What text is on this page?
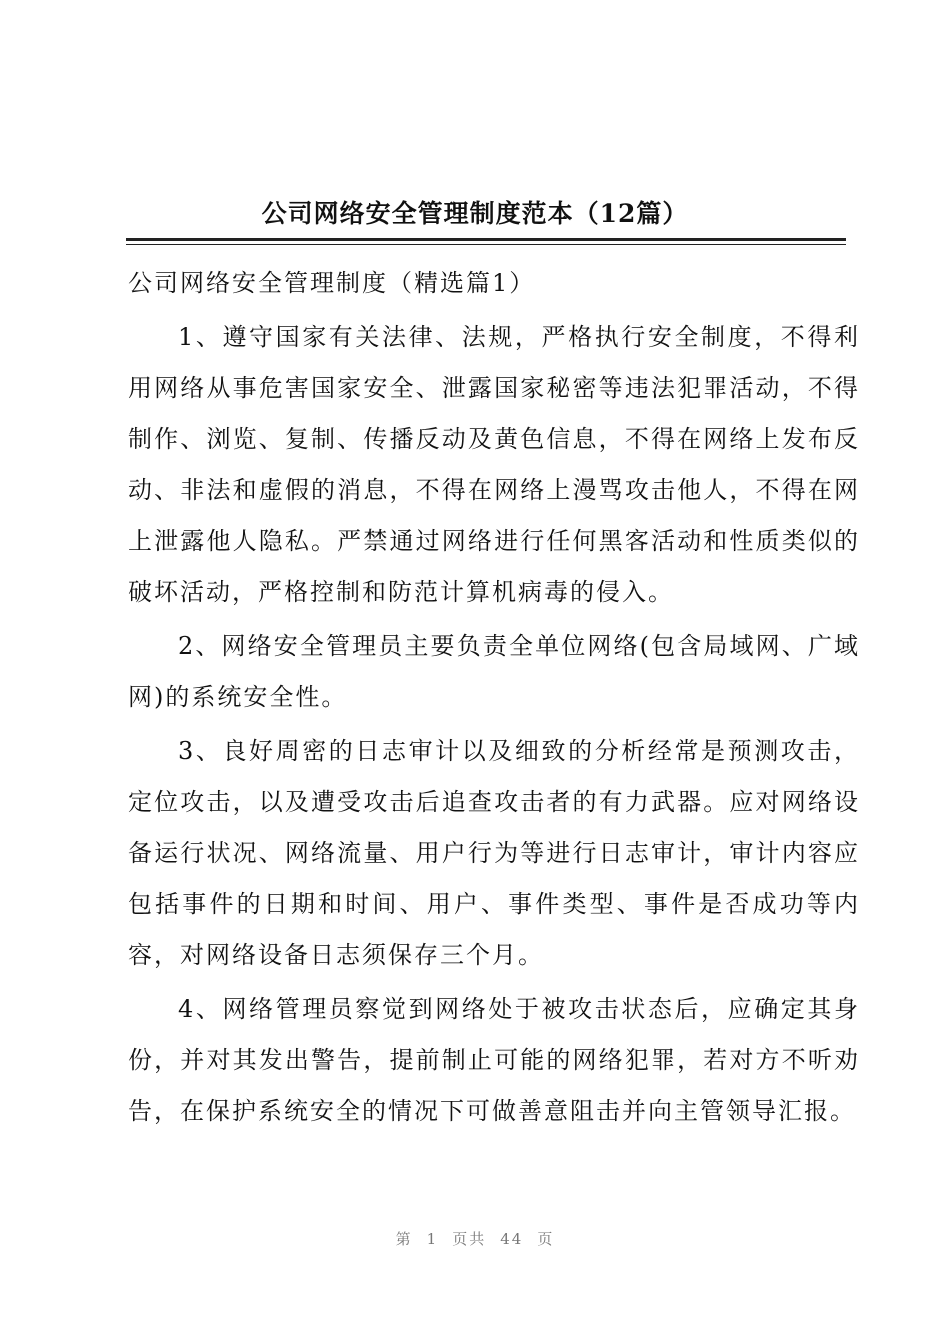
公司网络安全管理制度范本（12篇）
公司网络安全管理制度（精选篇1）

1、遵守国家有关法律、法规，严格执行安全制度，不得利用网络从事危害国家安全、泄露国家秘密等违法犯罪活动，不得制作、浏览、复制、传播反动及黄色信息，不得在网络上发布反动、非法和虚假的消息，不得在网络上漫骂攻击他人，不得在网上泄露他人隐私。严禁通过网络进行任何黑客活动和性质类似的破坏活动，严格控制和防范计算机病毒的侵入。

2、网络安全管理员主要负责全单位网络(包含局域网、广域网)的系统安全性。

3、良好周密的日志审计以及细致的分析经常是预测攻击，定位攻击，以及遭受攻击后追查攻击者的有力武器。应对网络设备运行状况、网络流量、用户行为等进行日志审计，审计内容应包括事件的日期和时间、用户、事件类型、事件是否成功等内容，对网络设备日志须保存三个月。

4、网络管理员察觉到网络处于被攻击状态后，应确定其身份，并对其发出警告，提前制止可能的网络犯罪，若对方不听劝告，在保护系统安全的情况下可做善意阻击并向主管领导汇报。

第 1 页共 44 页
